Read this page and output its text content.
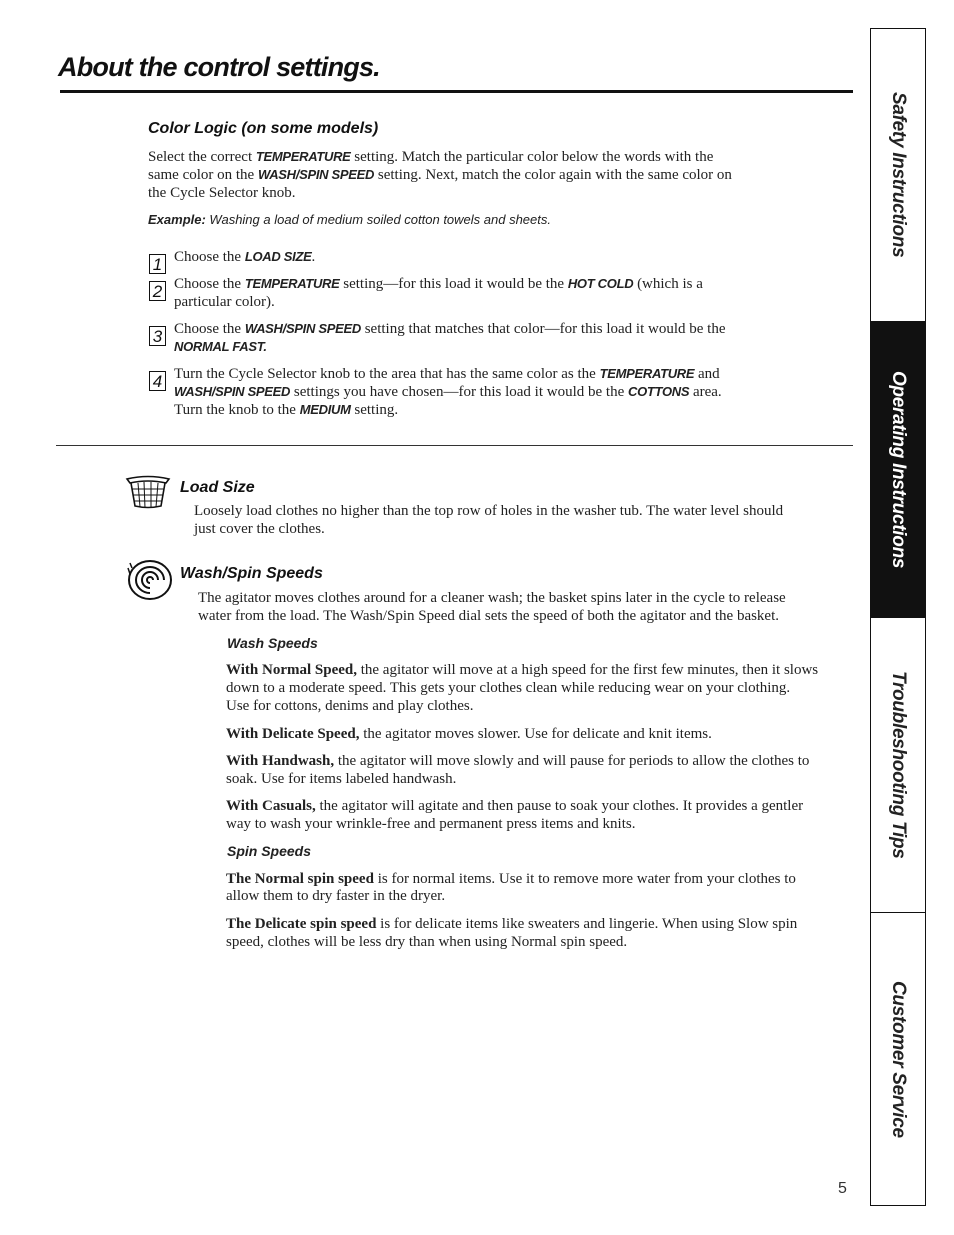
About the control settings.
Color Logic (on some models)
Select the correct TEMPERATURE setting. Match the particular color below the words with the
same color on the WASH/SPIN SPEED setting. Next, match the color again with the same color on
the Cycle Selector knob.
Example: Washing a load of medium soiled cotton towels and sheets.
1 Choose the LOAD SIZE.
2 Choose the TEMPERATURE setting—for this load it would be the HOT COLD (which is a
particular color).
3 Choose the WASH/SPIN SPEED setting that matches that color—for this load it would be the
NORMAL FAST.
4 Turn the Cycle Selector knob to the area that has the same color as the TEMPERATURE and
WASH/SPIN SPEED settings you have chosen—for this load it would be the COTTONS area.
Turn the knob to the MEDIUM setting.
Load Size
Loosely load clothes no higher than the top row of holes in the washer tub. The water level should
just cover the clothes.
Wash/Spin Speeds
The agitator moves clothes around for a cleaner wash; the basket spins later in the cycle to release
water from the load. The Wash/Spin Speed dial sets the speed of both the agitator and the basket.
Wash Speeds
With Normal Speed, the agitator will move at a high speed for the first few minutes, then it slows
down to a moderate speed. This gets your clothes clean while reducing wear on your clothing.
Use for cottons, denims and play clothes.
With Delicate Speed, the agitator moves slower. Use for delicate and knit items.
With Handwash, the agitator will move slowly and will pause for periods to allow the clothes to
soak. Use for items labeled handwash.
With Casuals, the agitator will agitate and then pause to soak your clothes. It provides a gentler
way to wash your wrinkle-free and permanent press items and knits.
Spin Speeds
The Normal spin speed is for normal items. Use it to remove more water from your clothes to
allow them to dry faster in the dryer.
The Delicate spin speed is for delicate items like sweaters and lingerie. When using Slow spin
speed, clothes will be less dry than when using Normal spin speed.
Safety Instructions
Operating Instructions
Troubleshooting Tips
Customer Service
5
